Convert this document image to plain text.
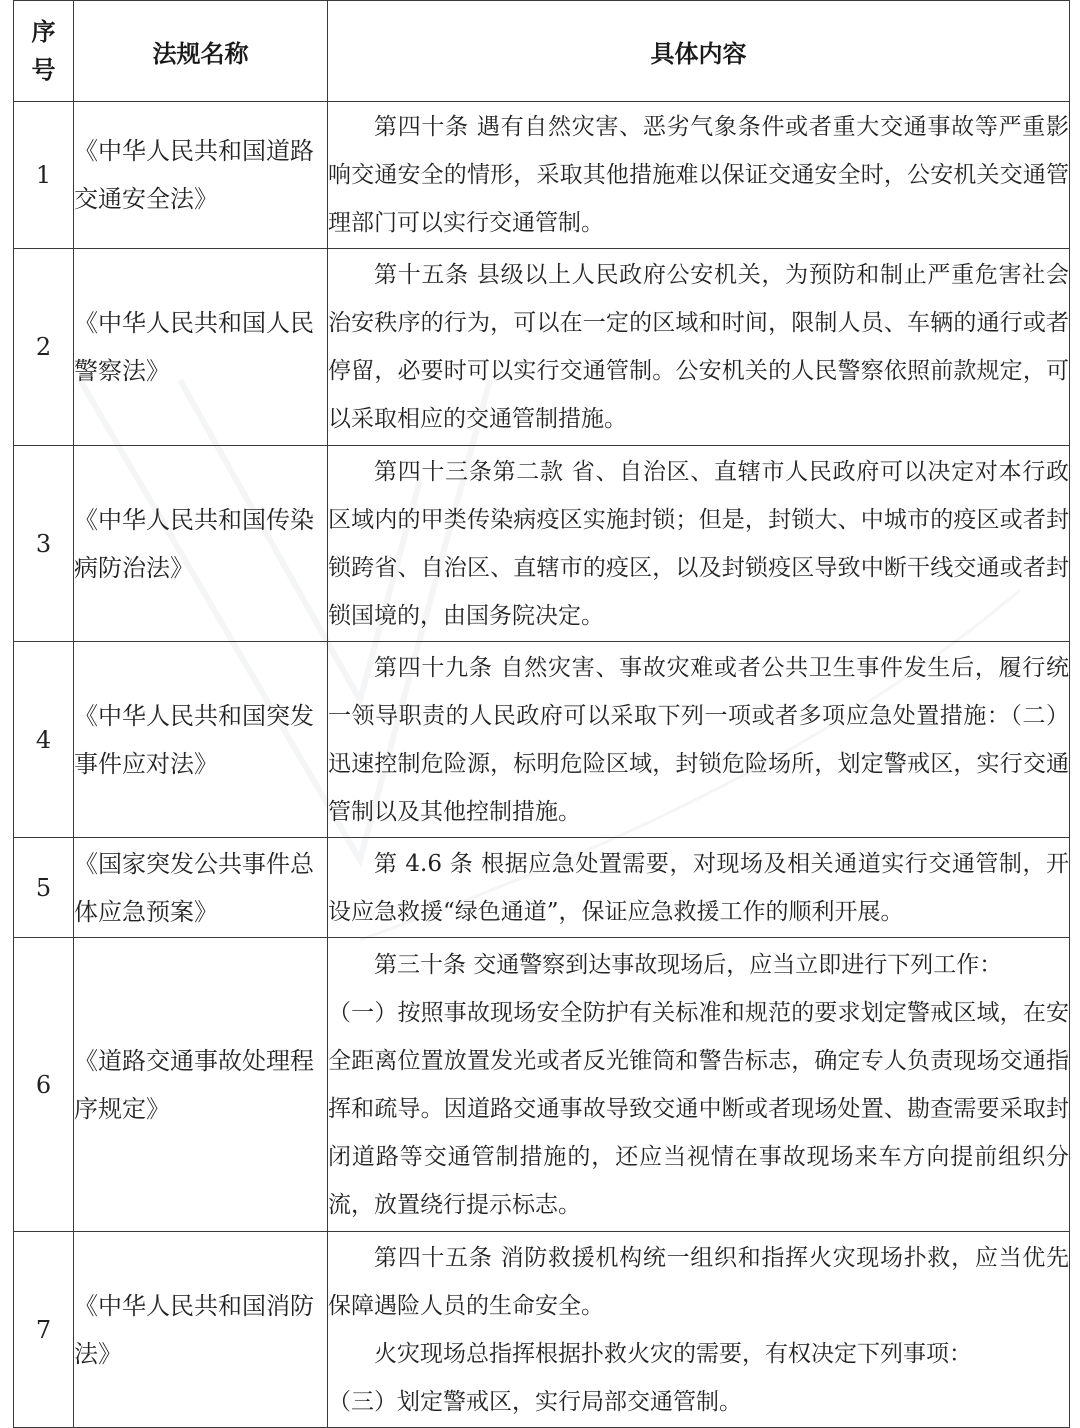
序
号	法规名称	具体内容
1	《中华人民共和国道路交通安全法》	第四十条 遇有自然灾害、恶劣气象条件或者重大交通事故等严重影响交通安全的情形，采取其他措施难以保证交通安全时，公安机关交通管理部门可以实行交通管制。

2	《中华人民共和国人民警察法》	第十五条 县级以上人民政府公安机关，为预防和制止严重危害社会治安秩序的行为，可以在一定的区域和时间，限制人员、车辆的通行或者停留，必要时可以实行交通管制。公安机关的人民警察依照前款规定，可以采取相应的交通管制措施。

3	《中华人民共和国传染病防治法》	第四十三条第二款 省、自治区、直辖市人民政府可以决定对本行政区域内的甲类传染病疫区实施封锁；但是，封锁大、中城市的疫区或者封锁跨省、自治区、直辖市的疫区，以及封锁疫区导致中断干线交通或者封锁国境的，由国务院决定。

4	《中华人民共和国突发事件应对法》	第四十九条 自然灾害、事故灾难或者公共卫生事件发生后，履行统一领导职责的人民政府可以采取下列一项或者多项应急处置措施：（二）迅速控制危险源，标明危险区域，封锁危险场所，划定警戒区，实行交通管制以及其他控制措施。

5	《国家突发公共事件总体应急预案》	第 4.6 条 根据应急处置需要，对现场及相关通道实行交通管制，开设应急救援“绿色通道”，保证应急救援工作的顺利开展。

6	《道路交通事故处理程序规定》	第三十条 交通警察到达事故现场后，应当立即进行下列工作：

（一）按照事故现场安全防护有关标准和规范的要求划定警戒区域，在安全距离位置放置发光或者反光锥筒和警告标志，确定专人负责现场交通指挥和疏导。因道路交通事故导致交通中断或者现场处置、勘查需要采取封闭道路等交通管制措施的，还应当视情在事故现场来车方向提前组织分流，放置绕行提示标志。

7	《中华人民共和国消防法》	第四十五条 消防救援机构统一组织和指挥火灾现场扑救，应当优先保障遇险人员的生命安全。

火灾现场总指挥根据扑救火灾的需要，有权决定下列事项：

（三）划定警戒区，实行局部交通管制。
